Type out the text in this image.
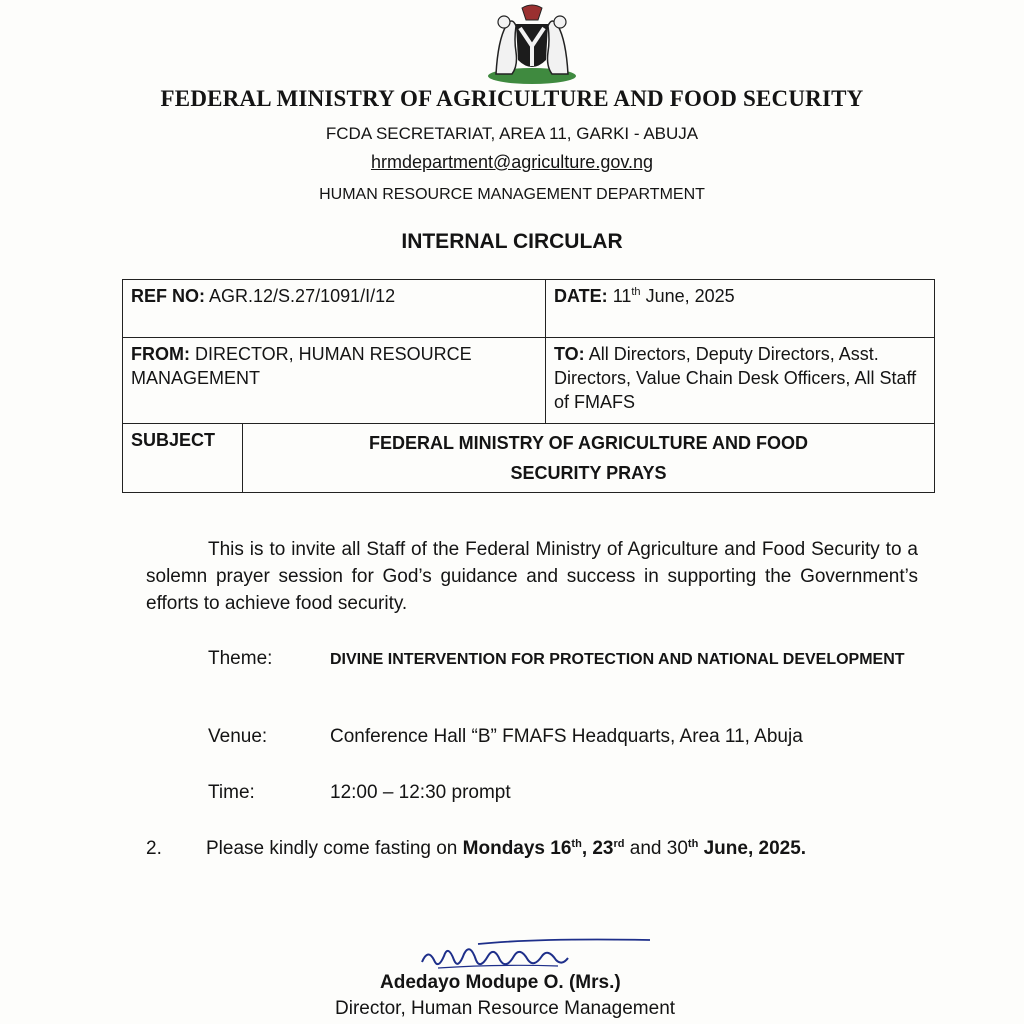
FEDERAL MINISTRY OF AGRICULTURE AND FOOD SECURITY
FCDA SECRETARIAT, AREA 11, GARKI - ABUJA
hrmdepartment@agriculture.gov.ng
HUMAN RESOURCE MANAGEMENT DEPARTMENT
INTERNAL CIRCULAR
REF NO: AGR.12/S.27/1091/I/12		DATE: 11th June, 2025
FROM: DIRECTOR, HUMAN RESOURCE MANAGEMENT		TO: All Directors, Deputy Directors, Asst. Directors, Value Chain Desk Officers, All Staff of FMAFS

SUBJECT	FEDERAL MINISTRY OF AGRICULTURE AND FOOD
SECURITY PRAYS	
This is to invite all Staff of the Federal Ministry of Agriculture and Food Security to a solemn prayer session for God’s guidance and success in supporting the Government’s efforts to achieve food security.
Theme:	DIVINE INTERVENTION FOR PROTECTION AND NATIONAL DEVELOPMENT
Venue:	Conference Hall “B” FMAFS Headquarts, Area 11, Abuja
Time:	12:00 – 12:30 prompt
2. Please kindly come fasting on Mondays 16th, 23rd and 30th June, 2025.
Adedayo Modupe O. (Mrs.)
Director, Human Resource Management
